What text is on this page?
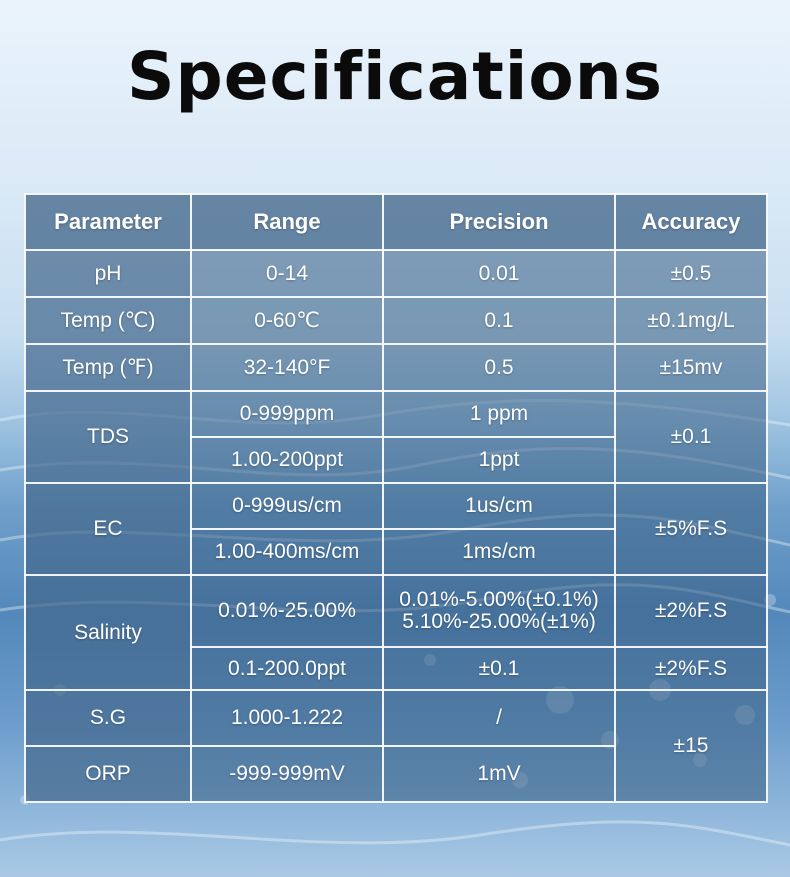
Specifications
Parameter	Range	Precision	Accuracy
pH	0-14	0.01	±0.5
Temp (℃)	0-60℃	0.1	±0.1mg/L
Temp (℉)	32-140°F	0.5	±15mv
TDS	0-999ppm	1 ppm	±0.1
	1.00-200ppt	1ppt	
EC	0-999us/cm	1us/cm	±5%F.S
	1.00-400ms/cm	1ms/cm	
Salinity	0.01%-25.00%	0.01%-5.00%(±0.1%)
5.10%-25.00%(±1%)	±2%F.S
	0.1-200.0ppt	±0.1	±2%F.S
S.G	1.000-1.222	/	±15
ORP	-999-999mV	1mV	
